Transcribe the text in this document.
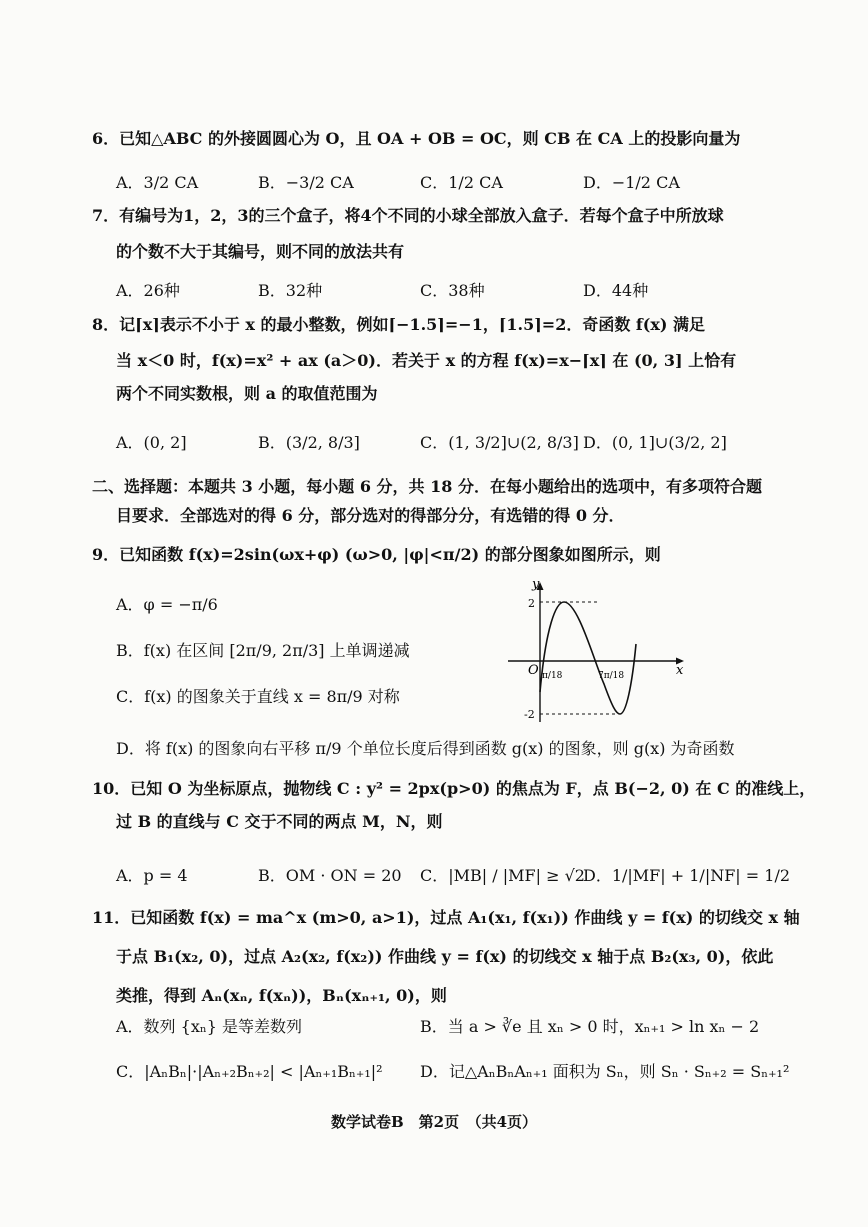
6．已知△ABC 的外接圆圆心为 O，且 OA + OB = OC，则 CB 在 CA 上的投影向量为
A．3/2 CA	B．−3/2 CA	C．1/2 CA	D．−1/2 CA
7．有编号为1，2，3的三个盒子，将4个不同的小球全部放入盒子．若每个盒子中所放球
的个数不大于其编号，则不同的放法共有
A．26种	B．32种	C．38种	D．44种
8．记⌈x⌉表示不小于 x 的最小整数，例如⌈−1.5⌉=−1，⌈1.5⌉=2．奇函数 f(x) 满足
当 x＜0 时，f(x)=x² + ax (a＞0)．若关于 x 的方程 f(x)=x−⌈x⌉ 在 (0, 3] 上恰有
两个不同实数根，则 a 的取值范围为
A．(0, 2]	B．(3/2, 8/3]	C．(1, 3/2]∪(2, 8/3] D．(0, 1]∪(3/2, 2]
二、选择题：本题共 3 小题，每小题 6 分，共 18 分．在每小题给出的选项中，有多项符合题
目要求．全部选对的得 6 分，部分选对的得部分分，有选错的得 0 分．
9．已知函数 f(x)=2sin(ωx+φ) (ω>0, |φ|<π/2) 的部分图象如图所示，则
A．φ = −π/6
B．f(x) 在区间 [2π/9, 2π/3] 上单调递减
C．f(x) 的图象关于直线 x = 8π/9 对称
D．将 f(x) 的图象向右平移 π/9 个单位长度后得到函数 g(x) 的图象，则 g(x) 为奇函数
y
x
O
2
-2
π/18	7π/18
10．已知 O 为坐标原点，抛物线 C : y² = 2px(p>0) 的焦点为 F，点 B(−2, 0) 在 C 的准线上，
过 B 的直线与 C 交于不同的两点 M，N，则
A．p = 4	B．OM · ON = 20 C．|MB| / |MF| ≥ √2
D．1/|MF| + 1/|NF| = 1/2
11．已知函数 f(x) = ma^x (m>0, a>1)，过点 A₁(x₁, f(x₁)) 作曲线 y = f(x) 的切线交 x 轴
于点 B₁(x₂, 0)，过点 A₂(x₂, f(x₂)) 作曲线 y = f(x) 的切线交 x 轴于点 B₂(x₃, 0)，依此
类推，得到 Aₙ(xₙ, f(xₙ))，Bₙ(xₙ₊₁, 0)，则
A．数列 {xₙ} 是等差数列	B．当 a > ∛e 且 xₙ > 0 时，xₙ₊₁ > ln xₙ − 2
C．|AₙBₙ|·|Aₙ₊₂Bₙ₊₂| < |Aₙ₊₁Bₙ₊₁|² D．记△AₙBₙAₙ₊₁ 面积为 Sₙ，则 Sₙ · Sₙ₊₂ = Sₙ₊₁²
数学试卷B　第2页　（共4页）
